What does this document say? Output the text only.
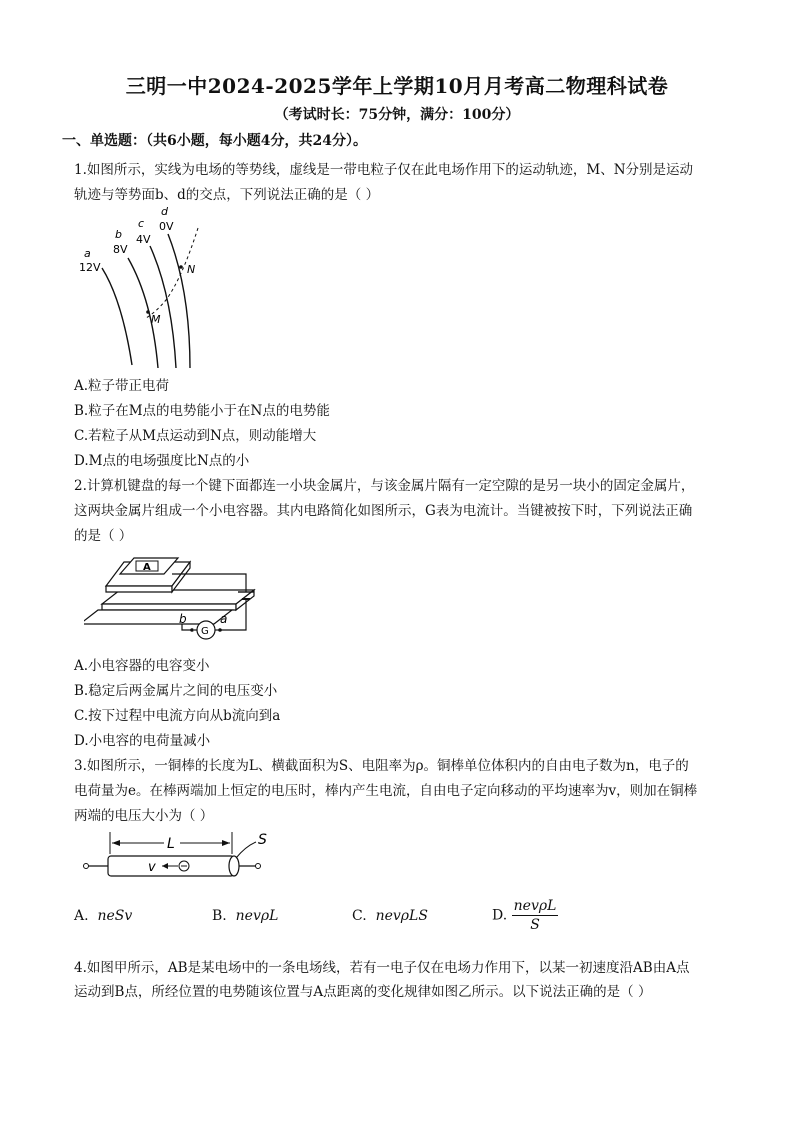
三明一中2024-2025学年上学期10月月考高二物理科试卷
（考试时长：75分钟，满分：100分）
一、单选题：（共6小题，每小题4分，共24分）。
1.如图所示，实线为电场的等势线，虚线是一带电粒子仅在此电场作用下的运动轨迹，M、N分别是运动
轨迹与等势面b、d的交点，下列说法正确的是（ ）
a
12V
b
8V
c
4V
d
0V
M
N
A.粒子带正电荷
B.粒子在M点的电势能小于在N点的电势能
C.若粒子从M点运动到N点，则动能增大
D.M点的电场强度比N点的小
2.计算机键盘的每一个键下面都连一小块金属片，与该金属片隔有一定空隙的是另一块小的固定金属片，
这两块金属片组成一个小电容器。其内电路简化如图所示，G表为电流计。当键被按下时，下列说法正确
的是（ ）
A
G
b	a
A.小电容器的电容变小
B.稳定后两金属片之间的电压变小
C.按下过程中电流方向从b流向到a
D.小电容的电荷量减小
3.如图所示，一铜棒的长度为L、横截面积为S、电阻率为ρ。铜棒单位体积内的自由电子数为n，电子的
电荷量为e。在棒两端加上恒定的电压时，棒内产生电流，自由电子定向移动的平均速率为v，则加在铜棒
两端的电压大小为（ ）
L
v
S
A. neSv	B. nevρL	C. nevρLS	D. $\frac{\text{nevρL}}{S}$
4.如图甲所示，AB是某电场中的一条电场线，若有一电子仅在电场力作用下，以某一初速度沿AB由A点
运动到B点，所经位置的电势随该位置与A点距离的变化规律如图乙所示。以下说法正确的是（ ）
